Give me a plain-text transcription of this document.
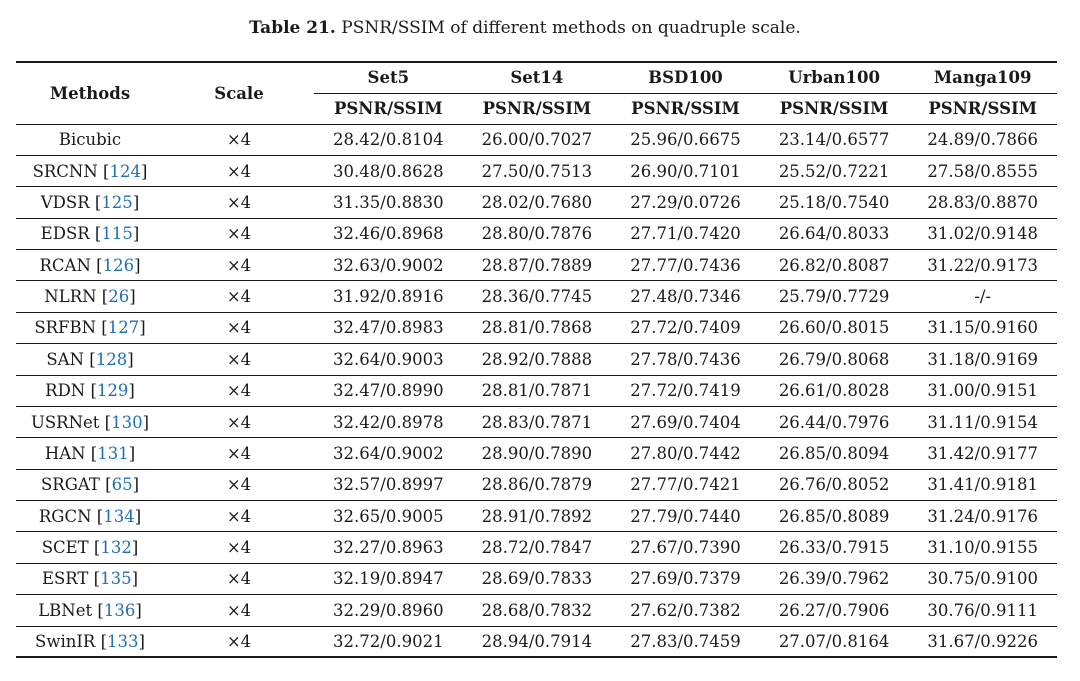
Table 21. PSNR/SSIM of different methods on quadruple scale.
Methods	Scale	Set5	Set14	BSD100	Urban100	Manga109
		PSNR/SSIM	PSNR/SSIM	PSNR/SSIM	PSNR/SSIM	PSNR/SSIM
Bicubic	×4	28.42/0.8104	26.00/0.7027	25.96/0.6675	23.14/0.6577	24.89/0.7866
SRCNN [124]	×4	30.48/0.8628	27.50/0.7513	26.90/0.7101	25.52/0.7221	27.58/0.8555
VDSR [125]	×4	31.35/0.8830	28.02/0.7680	27.29/0.0726	25.18/0.7540	28.83/0.8870
EDSR [115]	×4	32.46/0.8968	28.80/0.7876	27.71/0.7420	26.64/0.8033	31.02/0.9148
RCAN [126]	×4	32.63/0.9002	28.87/0.7889	27.77/0.7436	26.82/0.8087	31.22/0.9173
NLRN [26]	×4	31.92/0.8916	28.36/0.7745	27.48/0.7346	25.79/0.7729	-/-
SRFBN [127]	×4	32.47/0.8983	28.81/0.7868	27.72/0.7409	26.60/0.8015	31.15/0.9160
SAN [128]	×4	32.64/0.9003	28.92/0.7888	27.78/0.7436	26.79/0.8068	31.18/0.9169
RDN [129]	×4	32.47/0.8990	28.81/0.7871	27.72/0.7419	26.61/0.8028	31.00/0.9151
USRNet [130]	×4	32.42/0.8978	28.83/0.7871	27.69/0.7404	26.44/0.7976	31.11/0.9154
HAN [131]	×4	32.64/0.9002	28.90/0.7890	27.80/0.7442	26.85/0.8094	31.42/0.9177
SRGAT [65]	×4	32.57/0.8997	28.86/0.7879	27.77/0.7421	26.76/0.8052	31.41/0.9181
RGCN [134]	×4	32.65/0.9005	28.91/0.7892	27.79/0.7440	26.85/0.8089	31.24/0.9176
SCET [132]	×4	32.27/0.8963	28.72/0.7847	27.67/0.7390	26.33/0.7915	31.10/0.9155
ESRT [135]	×4	32.19/0.8947	28.69/0.7833	27.69/0.7379	26.39/0.7962	30.75/0.9100
LBNet [136]	×4	32.29/0.8960	28.68/0.7832	27.62/0.7382	26.27/0.7906	30.76/0.9111
SwinIR [133]	×4	32.72/0.9021	28.94/0.7914	27.83/0.7459	27.07/0.8164	31.67/0.9226
